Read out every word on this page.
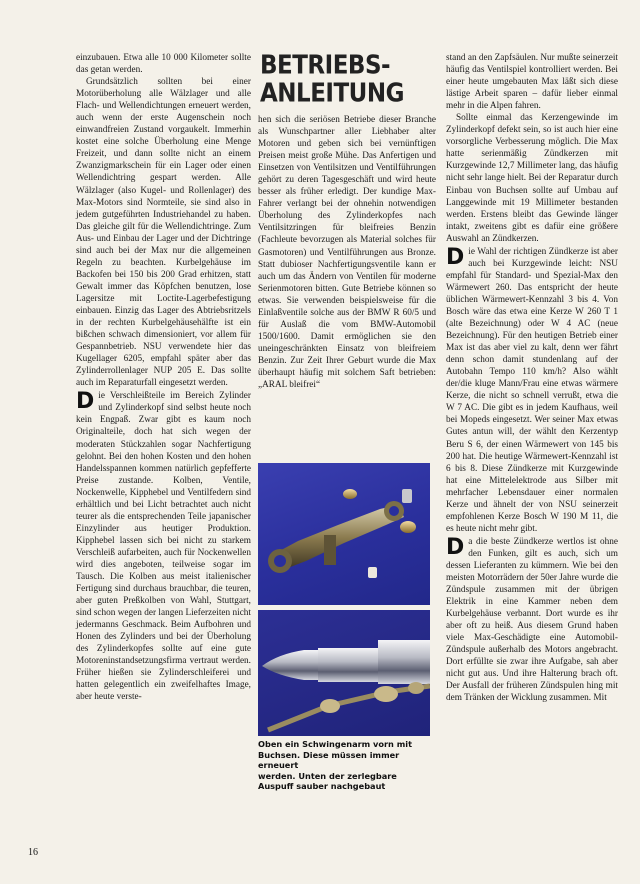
einzubauen. Etwa alle 10 000 Kilometer sollte das getan werden.

Grundsätzlich sollten bei einer Motorüberholung alle Wälzlager und alle Flach- und Wellendichtungen erneuert werden, auch wenn der erste Augenschein noch einwandfreien Zustand vorgaukelt. Immerhin kostet eine solche Überholung eine Menge Freizeit, und dann sollte nicht an einem Zwanzigmarkschein für ein Lager oder einen Wellendichtring gespart werden. Alle Wälzlager (also Kugel- und Rollenlager) des Max-Motors sind Normteile, sie sind also in jedem gutgeführten Industriehandel zu haben. Das gleiche gilt für die Wellendichtringe. Zum Aus- und Einbau der Lager und der Dichtringe sind auch bei der Max nur die allgemeinen Regeln zu beachten. Kurbelgehäuse im Backofen bei 150 bis 200 Grad erhitzen, statt Gewalt immer das Köpfchen benutzen, lose Lagersitze mit Loctite-Lagerbefestigung einbauen. Einzig das Lager des Abtriebsritzels in der rechten Kurbelgehäusehälfte ist ein bißchen schwach dimensioniert, vor allem für Gespannbetrieb. NSU verwendete hier das Kugellager 6205, empfahl später aber das Zylinderrollenlager NUP 205 E. Das sollte auch im Reparaturfall eingesetzt werden.

Die Verschleißteile im Bereich Zylinder und Zylinderkopf sind selbst heute noch kein Engpaß. Zwar gibt es kaum noch Originalteile, doch hat sich wegen der moderaten Stückzahlen sogar Nachfertigung gelohnt. Bei den hohen Kosten und den hohen Handelsspannen kommen natürlich gepfefferte Preise zustande. Kolben, Ventile, Nockenwelle, Kipphebel und Ventilfedern sind erhältlich und bei Licht betrachtet auch nicht teurer als die entsprechenden Teile japanischer Einzylinder aus heutiger Produktion. Kipphebel lassen sich bei nicht zu starkem Verschleiß aufarbeiten, auch für Nockenwellen wird dies angeboten, teilweise sogar im Tausch. Die Kolben aus meist italienischer Fertigung sind durchaus brauchbar, die teuren, aber guten Preßkolben von Wahl, Stuttgart, sind schon wegen der langen Lieferzeiten nicht jedermanns Geschmack. Beim Aufbohren und Honen des Zylinders und bei der Überholung des Zylinderkopfes sollte auf eine gute Motoreninstandsetzungsfirma vertraut werden. Früher hießen sie Zylinderschleiferei und hatten gelegentlich ein zweifelhaftes Image, aber heute verste-

BETRIEBS-
ANLEITUNG

hen sich die seriösen Betriebe dieser Branche als Wunschpartner aller Liebhaber alter Motoren und geben sich bei vernünftigen Preisen meist große Mühe. Das Anfertigen und Einsetzen von Ventilsitzen und Ventilführungen gehört zu deren Tagesgeschäft und wird heute besser als früher erledigt. Der kundige Max-Fahrer verlangt bei der ohnehin notwendigen Überholung des Zylinderkopfes nach Ventilsitzringen für bleifreies Benzin (Fachleute bevorzugen als Material solches für Gasmotoren) und Ventilführungen aus Bronze. Statt dubioser Nachfertigungsventile kann er auch um das Ändern von Ventilen für moderne Serienmotoren bitten. Gute Betriebe können so etwas. Sie verwenden beispielsweise für die Einlaßventile solche aus der BMW R 60/5 und für Auslaß die vom BMW-Automobil 1500/1600. Damit ermöglichen sie den uneingeschränkten Einsatz von bleifreiem Benzin. Zur Zeit Ihrer Geburt wurde die Max überhaupt häufig mit solchem Saft betrieben: „ARAL bleifrei“

Oben ein Schwingenarm vorn mit Buchsen. Diese müssen immer erneuert
werden. Unten der zerlegbare Auspuff sauber nachgebaut

stand an den Zapfsäulen. Nur mußte seinerzeit häufig das Ventilspiel kontrolliert werden. Bei einer heute umgebauten Max läßt sich diese lästige Arbeit sparen – dafür lieber einmal mehr in die Alpen fahren.

Sollte einmal das Kerzengewinde im Zylinderkopf defekt sein, so ist auch hier eine vorsorgliche Verbesserung möglich. Die Max hatte serienmäßig Zündkerzen mit Kurzgewinde 12,7 Millimeter lang, das häufig nicht sehr lange hielt. Bei der Reparatur durch Einbau von Buchsen sollte auf Umbau auf Langgewinde mit 19 Millimeter bestanden werden. Erstens bleibt das Gewinde länger intakt, zweitens gibt es dafür eine größere Auswahl an Zündkerzen.

Die Wahl der richtigen Zündkerze ist aber auch bei Kurzgewinde leicht: NSU empfahl für Standard- und Spezial-Max den Wärmewert 260. Das entspricht der heute üblichen Wärmewert-Kennzahl 3 bis 4. Von Bosch wäre das etwa eine Kerze W 260 T 1 (alte Bezeichnung) oder W 4 AC (neue Bezeichnung). Für den heutigen Betrieb einer Max ist das aber viel zu kalt, denn wer fährt denn schon damit stundenlang auf der Autobahn Tempo 110 km/h? Also wählt der/die kluge Mann/Frau eine etwas wärmere Kerze, die nicht so schnell verrußt, etwa die W 7 AC. Die gibt es in jedem Kaufhaus, weil bei Mopeds eingesetzt. Wer seiner Max etwas Gutes antun will, der wählt den Kerzentyp Beru S 6, der einen Wärmewert von 145 bis 200 hat. Die heutige Wärmewert-Kennzahl ist 6 bis 8. Diese Zündkerze mit Kurzgewinde hat eine Mittelelektrode aus Silber mit mehrfacher Lebensdauer einer normalen Kerze und ähnelt der von NSU seinerzeit empfohlenen Kerze Bosch W 190 M 11, die es heute nicht mehr gibt.

Da die beste Zündkerze wertlos ist ohne den Funken, gilt es auch, sich um dessen Lieferanten zu kümmern. Wie bei den meisten Motorrädern der 50er Jahre wurde die Zündspule zusammen mit der übrigen Elektrik in eine Kammer neben dem Kurbelgehäuse verbannt. Dort wurde es ihr aber oft zu heiß. Aus diesem Grund haben viele Max-Geschädigte eine Automobil-Zündspule außerhalb des Motors angebracht. Dort erfüllte sie zwar ihre Aufgabe, sah aber nicht gut aus. Und ihre Halterung brach oft. Der Ausfall der früheren Zündspulen hing mit dem Tränken der Wicklung zusammen. Mit

16
